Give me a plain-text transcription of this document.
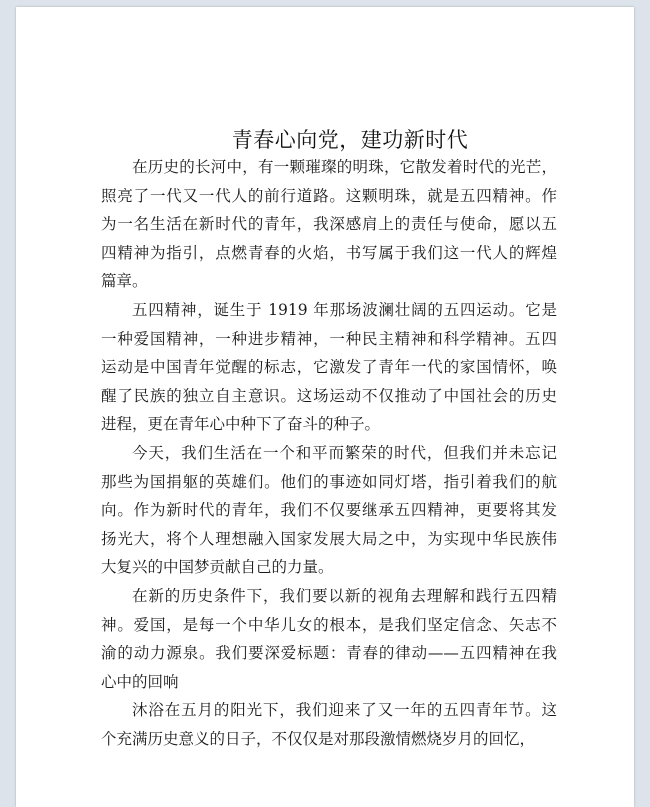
青春心向党，建功新时代
在历史的长河中，有一颗璀璨的明珠，它散发着时代的光芒，
照亮了一代又一代人的前行道路。这颗明珠，就是五四精神。作
为一名生活在新时代的青年，我深感肩上的责任与使命，愿以五
四精神为指引，点燃青春的火焰，书写属于我们这一代人的辉煌
篇章。
五四精神，诞生于 1919 年那场波澜壮阔的五四运动。它是
一种爱国精神，一种进步精神，一种民主精神和科学精神。五四
运动是中国青年觉醒的标志，它激发了青年一代的家国情怀，唤
醒了民族的独立自主意识。这场运动不仅推动了中国社会的历史
进程，更在青年心中种下了奋斗的种子。
今天，我们生活在一个和平而繁荣的时代，但我们并未忘记
那些为国捐躯的英雄们。他们的事迹如同灯塔，指引着我们的航
向。作为新时代的青年，我们不仅要继承五四精神，更要将其发
扬光大，将个人理想融入国家发展大局之中，为实现中华民族伟
大复兴的中国梦贡献自己的力量。
在新的历史条件下，我们要以新的视角去理解和践行五四精
神。爱国，是每一个中华儿女的根本，是我们坚定信念、矢志不
渝的动力源泉。我们要深爱标题：青春的律动——五四精神在我
心中的回响
沐浴在五月的阳光下，我们迎来了又一年的五四青年节。这
个充满历史意义的日子，不仅仅是对那段激情燃烧岁月的回忆，
